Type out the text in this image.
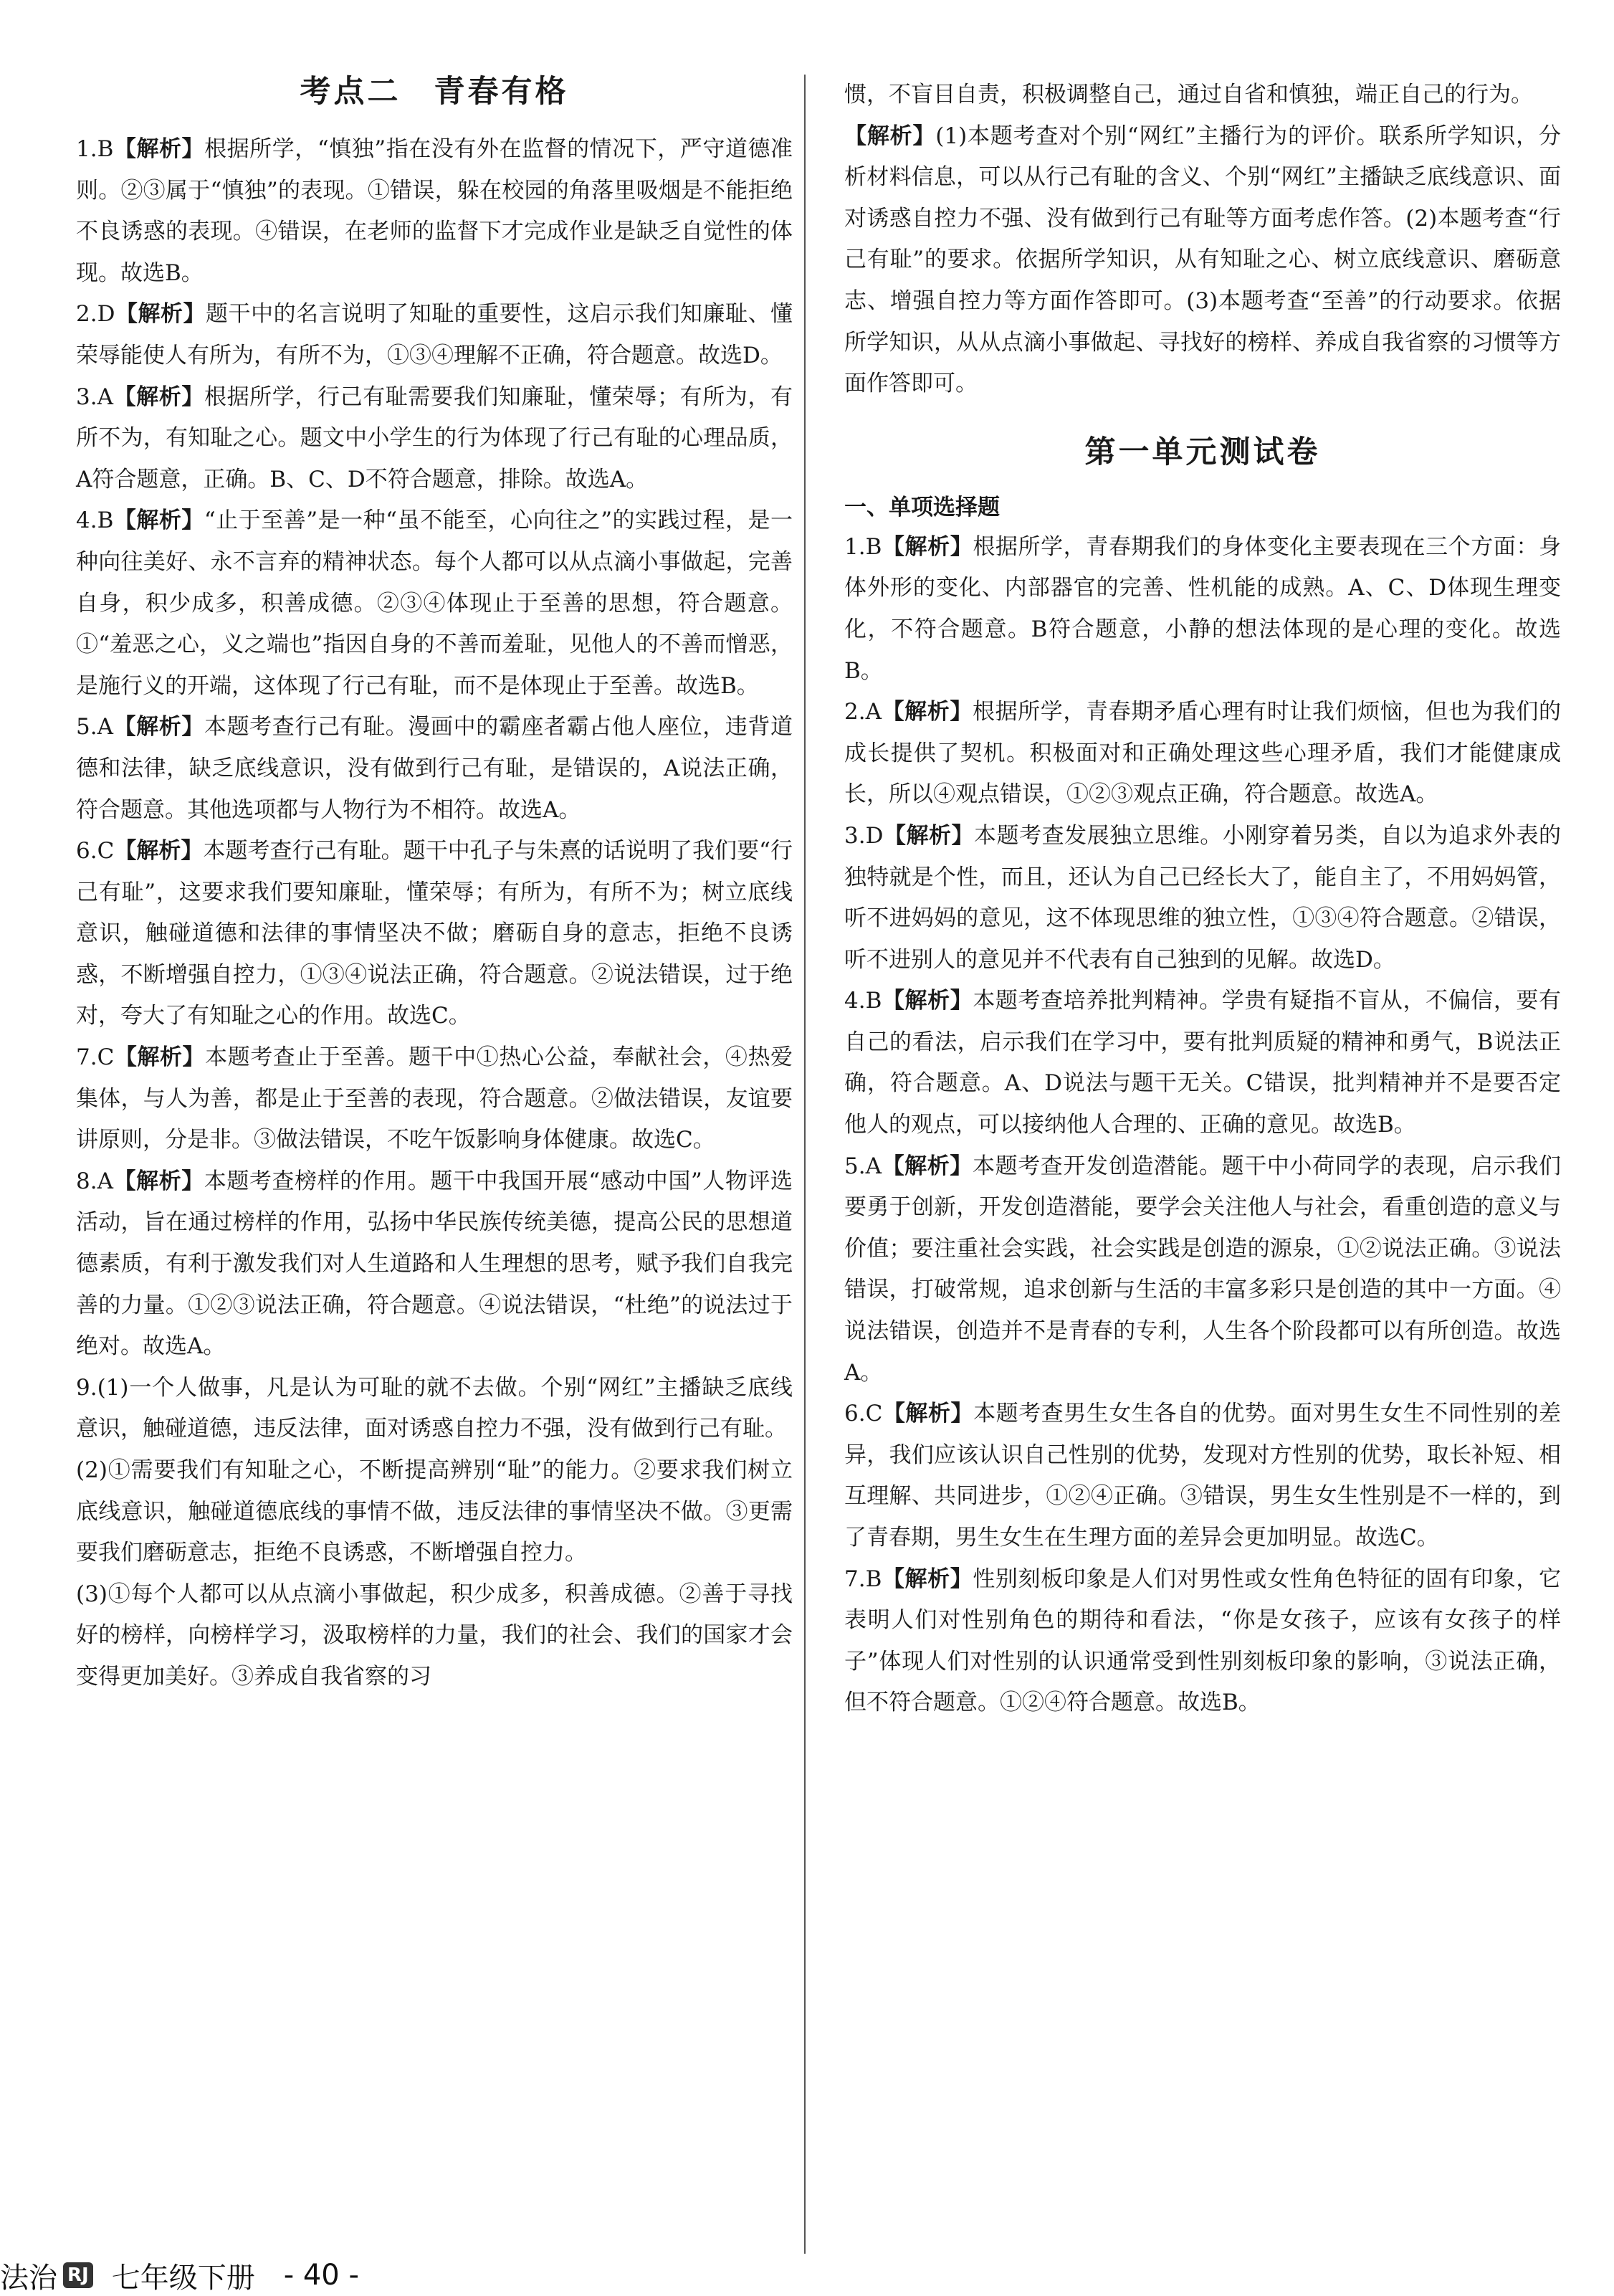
考点二 青春有格

1.B【解析】根据所学，“慎独”指在没有外在监督的情况下，严守道德准则。②③属于“慎独”的表现。①错误，躲在校园的角落里吸烟是不能拒绝不良诱惑的表现。④错误，在老师的监督下才完成作业是缺乏自觉性的体现。故选B。

2.D【解析】题干中的名言说明了知耻的重要性，这启示我们知廉耻、懂荣辱能使人有所为，有所不为，①③④理解不正确，符合题意。故选D。

3.A【解析】根据所学，行己有耻需要我们知廉耻，懂荣辱；有所为，有所不为，有知耻之心。题文中小学生的行为体现了行己有耻的心理品质，A符合题意，正确。B、C、D不符合题意，排除。故选A。

4.B【解析】“止于至善”是一种“虽不能至，心向往之”的实践过程，是一种向往美好、永不言弃的精神状态。每个人都可以从点滴小事做起，完善自身，积少成多，积善成德。②③④体现止于至善的思想，符合题意。①“羞恶之心，义之端也”指因自身的不善而羞耻，见他人的不善而憎恶，是施行义的开端，这体现了行己有耻，而不是体现止于至善。故选B。

5.A【解析】本题考查行己有耻。漫画中的霸座者霸占他人座位，违背道德和法律，缺乏底线意识，没有做到行己有耻，是错误的，A说法正确，符合题意。其他选项都与人物行为不相符。故选A。

6.C【解析】本题考查行己有耻。题干中孔子与朱熹的话说明了我们要“行己有耻”，这要求我们要知廉耻，懂荣辱；有所为，有所不为；树立底线意识，触碰道德和法律的事情坚决不做；磨砺自身的意志，拒绝不良诱惑，不断增强自控力，①③④说法正确，符合题意。②说法错误，过于绝对，夸大了有知耻之心的作用。故选C。

7.C【解析】本题考查止于至善。题干中①热心公益，奉献社会，④热爱集体，与人为善，都是止于至善的表现，符合题意。②做法错误，友谊要讲原则，分是非。③做法错误，不吃午饭影响身体健康。故选C。

8.A【解析】本题考查榜样的作用。题干中我国开展“感动中国”人物评选活动，旨在通过榜样的作用，弘扬中华民族传统美德，提高公民的思想道德素质，有利于激发我们对人生道路和人生理想的思考，赋予我们自我完善的力量。①②③说法正确，符合题意。④说法错误，“杜绝”的说法过于绝对。故选A。

9.(1)一个人做事，凡是认为可耻的就不去做。个别“网红”主播缺乏底线意识，触碰道德，违反法律，面对诱惑自控力不强，没有做到行己有耻。

(2)①需要我们有知耻之心，不断提高辨别“耻”的能力。②要求我们树立底线意识，触碰道德底线的事情不做，违反法律的事情坚决不做。③更需要我们磨砺意志，拒绝不良诱惑，不断增强自控力。

(3)①每个人都可以从点滴小事做起，积少成多，积善成德。②善于寻找好的榜样，向榜样学习，汲取榜样的力量，我们的社会、我们的国家才会变得更加美好。③养成自我省察的习

惯，不盲目自责，积极调整自己，通过自省和慎独，端正自己的行为。

【解析】(1)本题考查对个别“网红”主播行为的评价。联系所学知识，分析材料信息，可以从行己有耻的含义、个别“网红”主播缺乏底线意识、面对诱惑自控力不强、没有做到行己有耻等方面考虑作答。(2)本题考查“行己有耻”的要求。依据所学知识，从有知耻之心、树立底线意识、磨砺意志、增强自控力等方面作答即可。(3)本题考查“至善”的行动要求。依据所学知识，从从点滴小事做起、寻找好的榜样、养成自我省察的习惯等方面作答即可。

第一单元测试卷

一、单项选择题

1.B【解析】根据所学，青春期我们的身体变化主要表现在三个方面：身体外形的变化、内部器官的完善、性机能的成熟。A、C、D体现生理变化，不符合题意。B符合题意，小静的想法体现的是心理的变化。故选B。

2.A【解析】根据所学，青春期矛盾心理有时让我们烦恼，但也为我们的成长提供了契机。积极面对和正确处理这些心理矛盾，我们才能健康成长，所以④观点错误，①②③观点正确，符合题意。故选A。

3.D【解析】本题考查发展独立思维。小刚穿着另类，自以为追求外表的独特就是个性，而且，还认为自己已经长大了，能自主了，不用妈妈管，听不进妈妈的意见，这不体现思维的独立性，①③④符合题意。②错误，听不进别人的意见并不代表有自己独到的见解。故选D。

4.B【解析】本题考查培养批判精神。学贵有疑指不盲从，不偏信，要有自己的看法，启示我们在学习中，要有批判质疑的精神和勇气，B说法正确，符合题意。A、D说法与题干无关。C错误，批判精神并不是要否定他人的观点，可以接纳他人合理的、正确的意见。故选B。

5.A【解析】本题考查开发创造潜能。题干中小荷同学的表现，启示我们要勇于创新，开发创造潜能，要学会关注他人与社会，看重创造的意义与价值；要注重社会实践，社会实践是创造的源泉，①②说法正确。③说法错误，打破常规，追求创新与生活的丰富多彩只是创造的其中一方面。④说法错误，创造并不是青春的专利，人生各个阶段都可以有所创造。故选A。

6.C【解析】本题考查男生女生各自的优势。面对男生女生不同性别的差异，我们应该认识自己性别的优势，发现对方性别的优势，取长补短、相互理解、共同进步，①②④正确。③错误，男生女生性别是不一样的，到了青春期，男生女生在生理方面的差异会更加明显。故选C。

7.B【解析】性别刻板印象是人们对男性或女性角色特征的固有印象，它表明人们对性别角色的期待和看法，“你是女孩子，应该有女孩子的样子”体现人们对性别的认识通常受到性别刻板印象的影响，③说法正确，但不符合题意。①②④符合题意。故选B。

法治 RJ 七年级下册 - 40 -
